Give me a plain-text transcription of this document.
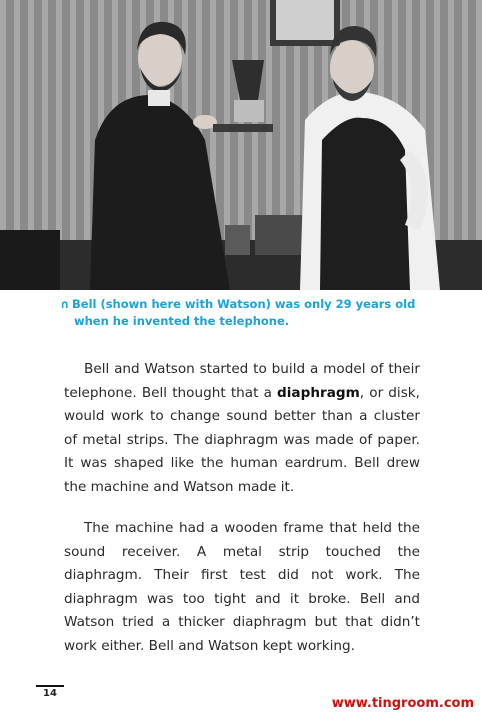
∩ Bell (shown here with Watson) was only 29 years old
when he invented the telephone.

Bell and Watson started to build a model of their telephone. Bell thought that a diaphragm, or disk, would work to change sound better than a cluster of metal strips. The diaphragm was made of paper. It was shaped like the human eardrum. Bell drew the machine and Watson made it.

The machine had a wooden frame that held the sound receiver. A metal strip touched the diaphragm. Their first test did not work. The diaphragm was too tight and it broke. Bell and Watson tried a thicker diaphragm but that didn’t work either. Bell and Watson kept working.

14
www.tingroom.com
